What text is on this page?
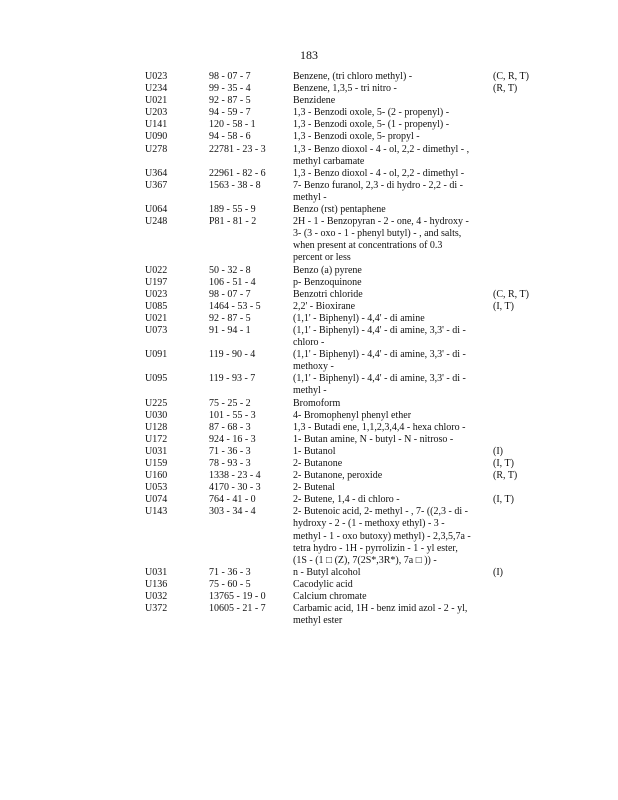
183
U023	98 - 07 - 7	Benzene, (tri chloro methyl) -	(C, R, T)
U234	99 - 35 - 4	Benzene, 1,3,5 - tri nitro -	(R, T)
U021	92 - 87 - 5	Benzidene
U203	94 - 59 - 7	1,3 - Benzodi oxole, 5- (2 - propenyl) -
U141	120 - 58 - 1	1,3 - Benzodi oxole, 5- (1 - propenyl) -
U090	94 - 58 - 6	1,3 - Benzodi oxole, 5- propyl -
U278	22781 - 23 - 3	1,3 - Benzo dioxol - 4 - ol, 2,2 - dimethyl - ,
methyl carbamate
U364	22961 - 82 - 6	1,3 - Benzo dioxol - 4 - ol, 2,2 - dimethyl -
U367	1563 - 38 - 8	7- Benzo furanol, 2,3 - di hydro - 2,2 - di -
methyl -
U064	189 - 55 - 9	Benzo (rst) pentaphene
U248	P81 - 81 - 2	2H - 1 - Benzopyran - 2 - one, 4 - hydroxy -
3- (3 - oxo - 1 - phenyl butyl) - , and salts,
when present at concentrations of 0.3
percent or less
U022	50 - 32 - 8	Benzo (a) pyrene
U197	106 - 51 - 4	p- Benzoquinone
U023	98 - 07 - 7	Benzotri chloride	(C, R, T)
U085	1464 - 53 - 5	2,2' - Bioxirane	(I, T)
U021	92 - 87 - 5	(1,1' - Biphenyl) - 4,4' - di amine
U073	91 - 94 - 1	(1,1' - Biphenyl) - 4,4' - di amine, 3,3' - di -
chloro -
U091	119 - 90 - 4	(1,1' - Biphenyl) - 4,4' - di amine, 3,3' - di -
methoxy -
U095	119 - 93 - 7	(1,1' - Biphenyl) - 4,4' - di amine, 3,3' - di -
methyl -
U225	75 - 25 - 2	Bromoform
U030	101 - 55 - 3	4- Bromophenyl phenyl ether
U128	87 - 68 - 3	1,3 - Butadi ene, 1,1,2,3,4,4 - hexa chloro -
U172	924 - 16 - 3	1- Butan amine, N - butyl - N - nitroso -
U031	71 - 36 - 3	1- Butanol	(I)
U159	78 - 93 - 3	2- Butanone	(I, T)
U160	1338 - 23 - 4	2- Butanone, peroxide	(R, T)
U053	4170 - 30 - 3	2- Butenal
U074	764 - 41 - 0	2- Butene, 1,4 - di chloro -	(I, T)
U143	303 - 34 - 4	2- Butenoic acid, 2- methyl - , 7- ((2,3 - di -
hydroxy - 2 - (1 - methoxy ethyl) - 3 -
methyl - 1 - oxo butoxy) methyl) - 2,3,5,7a -
tetra hydro - 1H - pyrrolizin - 1 - yl ester,
(1S - (1 □ (Z), 7(2S*,3R*), 7a □ )) -
U031	71 - 36 - 3	n - Butyl alcohol	(I)
U136	75 - 60 - 5	Cacodylic acid
U032	13765 - 19 - 0	Calcium chromate
U372	10605 - 21 - 7	Carbamic acid, 1H - benz imid azol - 2 - yl,
methyl ester
